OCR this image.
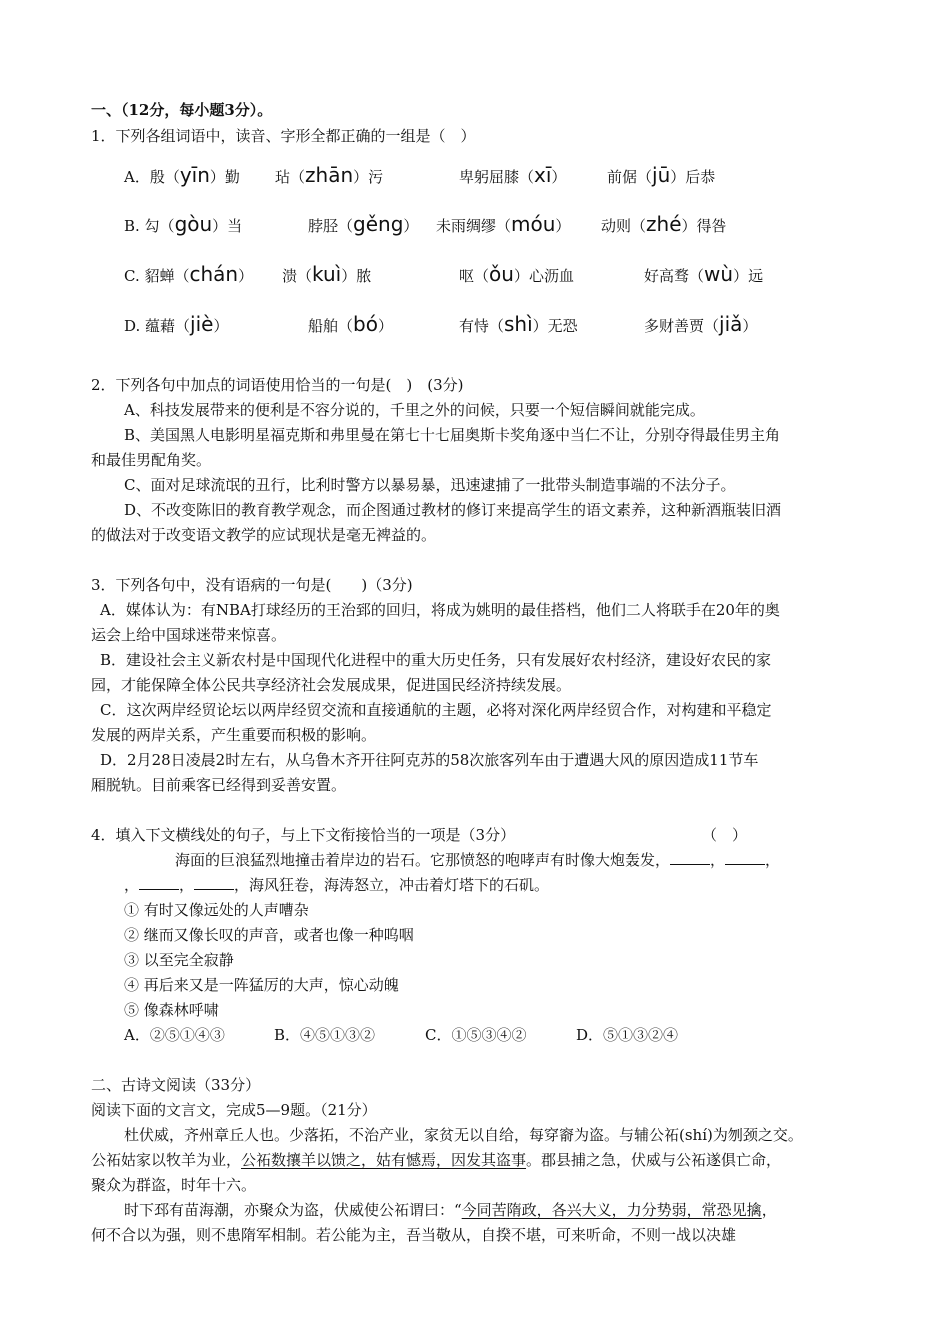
一、（12分，每小题3分）。
1．下列各组词语中，读音、字形全都正确的一组是（　）
A．殷（yīn）勤 玷（zhān）污	卑躬屈膝（xī）	前倨（jū）后恭
B. 勾（gòu）当	脖胫（gěng） 未雨绸缪（móu） 动则（zhé）得咎
C. 貂蝉（chán） 溃（kuì）脓	呕（ǒu）心沥血	好高骛（wù）远
D. 蕴藉（jiè）	船舶（bó）	有恃（shì）无恐	多财善贾（jiǎ）
2．下列各句中加点的词语使用恰当的一句是(　)　(3分)
A、科技发展带来的便利是不容分说的，千里之外的问候，只要一个短信瞬间就能完成。
B、美国黑人电影明星福克斯和弗里曼在第七十七届奥斯卡奖角逐中当仁不让，分别夺得最佳男主角
和最佳男配角奖。
C、面对足球流氓的丑行，比利时警方以暴易暴，迅速逮捕了一批带头制造事端的不法分子。
D、不改变陈旧的教育教学观念，而企图通过教材的修订来提高学生的语文素养，这种新酒瓶装旧酒
的做法对于改变语文教学的应试现状是毫无裨益的。
3．下列各句中，没有语病的一句是(　　)（3分)
A．媒体认为：有NBA打球经历的王治郅的回归，将成为姚明的最佳搭档，他们二人将联手在20年的奥
运会上给中国球迷带来惊喜。
B．建设社会主义新农村是中国现代化进程中的重大历史任务，只有发展好农村经济，建设好农民的家
园，才能保障全体公民共享经济社会发展成果，促进国民经济持续发展。
C．这次两岸经贸论坛以两岸经贸交流和直接通航的主题，必将对深化两岸经贸合作，对构建和平稳定
发展的两岸关系，产生重要而积极的影响。
D．2月28日凌晨2时左右，从乌鲁木齐开往阿克苏的58次旅客列车由于遭遇大风的原因造成11节车
厢脱轨。目前乘客已经得到妥善安置。
4．填入下文横线处的句子，与上下文衔接恰当的一项是（3分）	（　）
海面的巨浪猛烈地撞击着岸边的岩石。它那愤怒的咆哮声有时像大炮轰发，	，	，
，	，	，海风狂卷，海涛怒立，冲击着灯塔下的石矶。
① 有时又像远处的人声嘈杂
② 继而又像长叹的声音，或者也像一种呜咽
③ 以至完全寂静
④ 再后来又是一阵猛厉的大声，惊心动魄
⑤ 像森林呼啸
A．②⑤①④③	B．④⑤①③②	C．①⑤③④②	D．⑤①③②④
二、古诗文阅读（33分）
阅读下面的文言文，完成5—9题。（21分）
杜伏威，齐州章丘人也。少落拓，不治产业，家贫无以自给，每穿窬为盗。与辅公祏(shí)为刎颈之交。
公祏姑家以牧羊为业，公祏数攘羊以馈之，姑有憾焉，因发其盗事。郡县捕之急，伏威与公祏遂俱亡命，
聚众为群盗，时年十六。
时下邳有苗海潮，亦聚众为盗，伏威使公祏谓曰：“今同苦隋政，各兴大义，力分势弱，常恐见擒，
何不合以为强，则不患隋军相制。若公能为主，吾当敬从，自揆不堪，可来听命，不则一战以决雄
